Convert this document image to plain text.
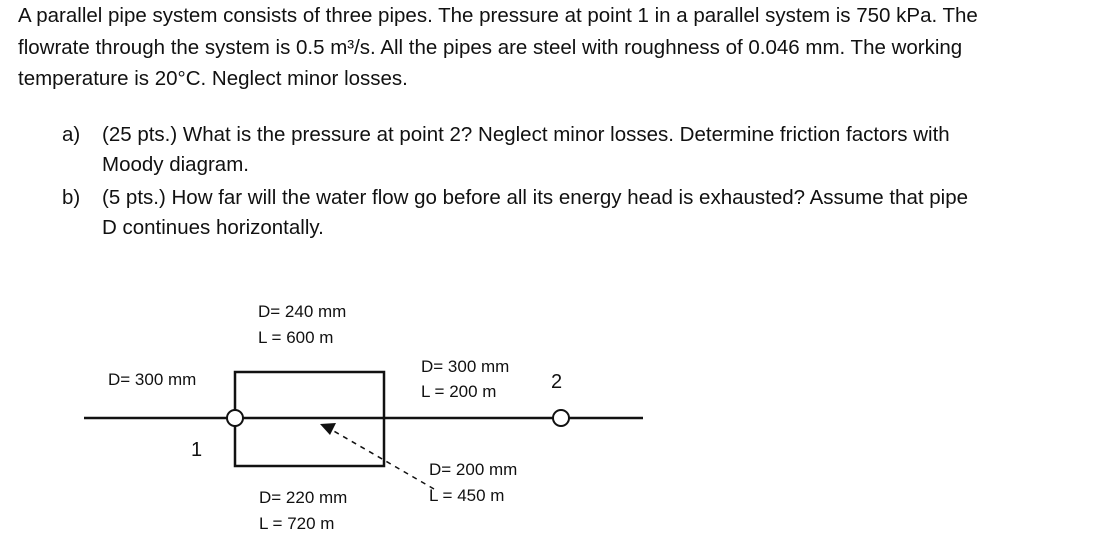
A parallel pipe system consists of three pipes. The pressure at point 1 in a parallel system is 750 kPa. The
flowrate through the system is 0.5 m³/s. All the pipes are steel with roughness of 0.046 mm. The working
temperature is 20°C. Neglect minor losses.
a) (25 pts.) What is the pressure at point 2? Neglect minor losses. Determine friction factors with
Moody diagram.
b) (5 pts.) How far will the water flow go before all its energy head is exhausted? Assume that pipe
D continues horizontally.
D= 240 mm
L = 600 m
D= 300 mm
1
D= 300 mm
L = 200 m	2
D= 200 mm
L = 450 m
D= 220 mm
L = 720 m
